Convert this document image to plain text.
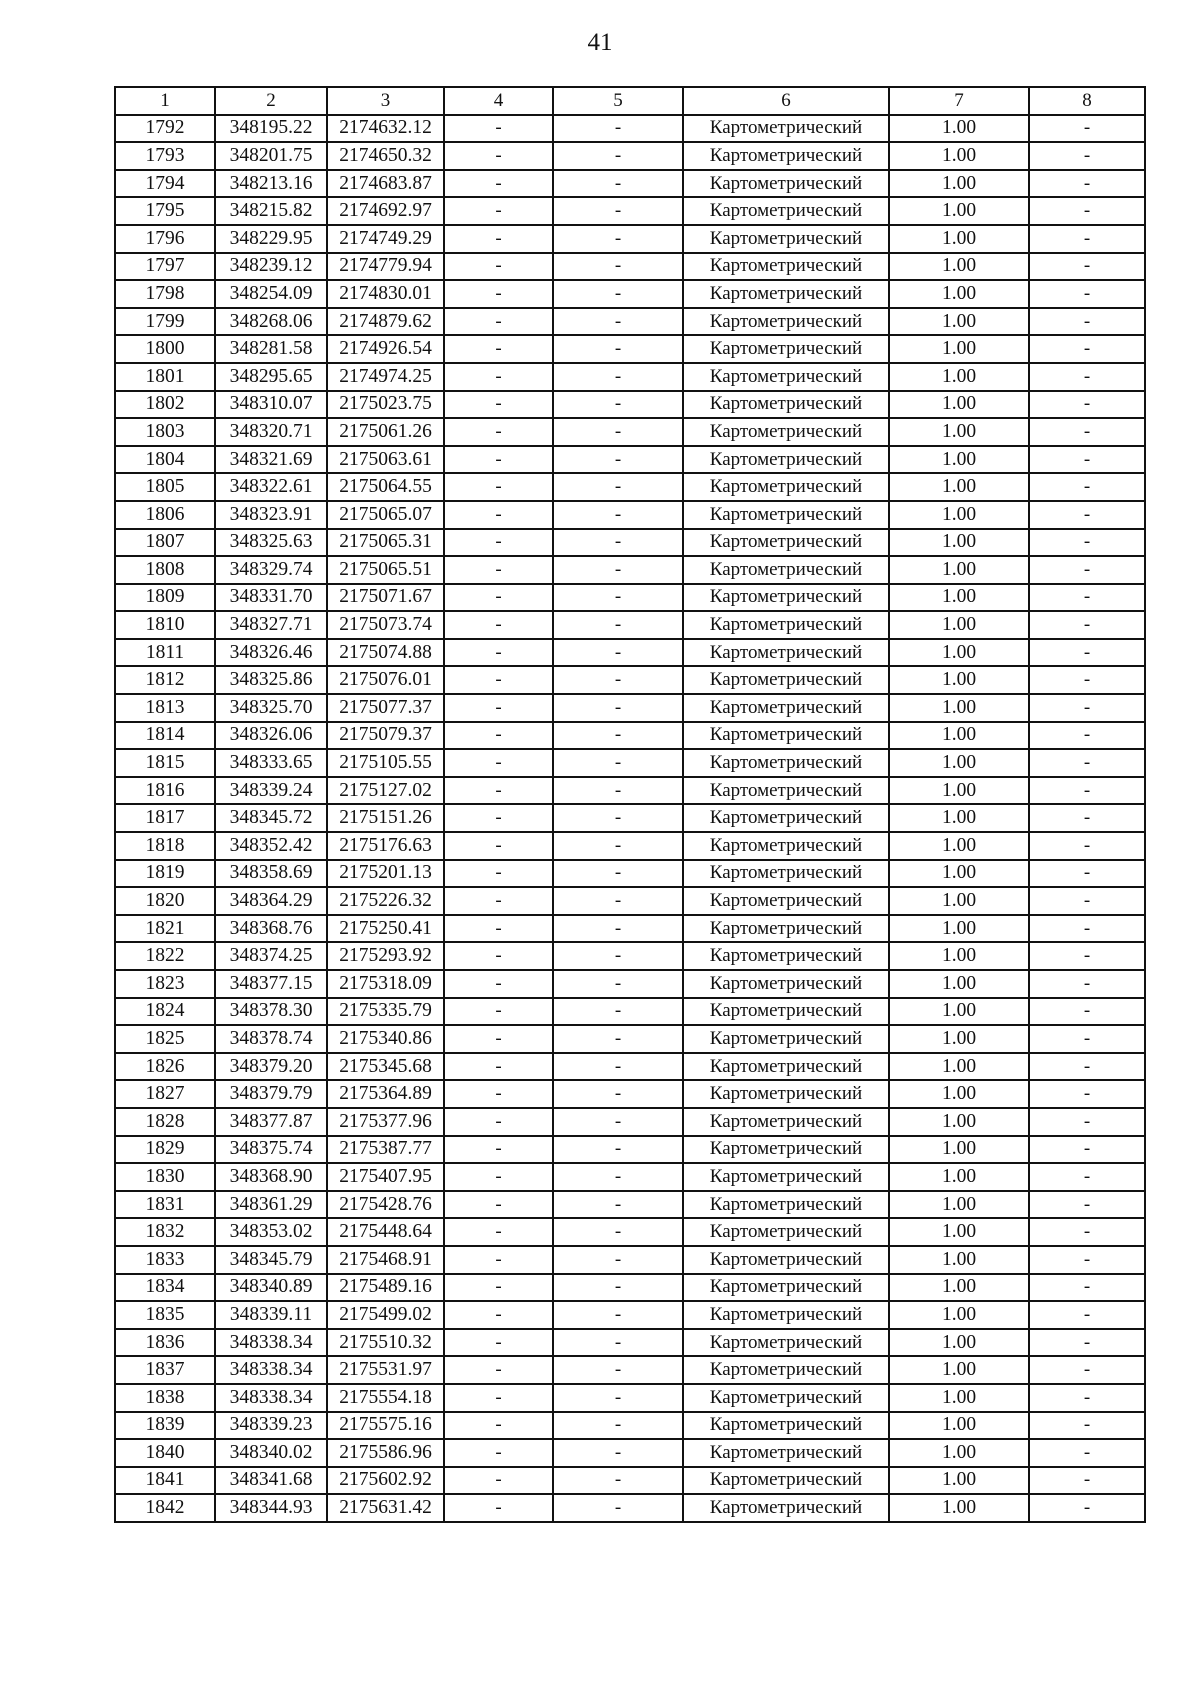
41
1	2	3	4	5	6	7	8
1792	348195.22	2174632.12	-	-	Картометрический	1.00	-
1793	348201.75	2174650.32	-	-	Картометрический	1.00	-
1794	348213.16	2174683.87	-	-	Картометрический	1.00	-
1795	348215.82	2174692.97	-	-	Картометрический	1.00	-
1796	348229.95	2174749.29	-	-	Картометрический	1.00	-
1797	348239.12	2174779.94	-	-	Картометрический	1.00	-
1798	348254.09	2174830.01	-	-	Картометрический	1.00	-
1799	348268.06	2174879.62	-	-	Картометрический	1.00	-
1800	348281.58	2174926.54	-	-	Картометрический	1.00	-
1801	348295.65	2174974.25	-	-	Картометрический	1.00	-
1802	348310.07	2175023.75	-	-	Картометрический	1.00	-
1803	348320.71	2175061.26	-	-	Картометрический	1.00	-
1804	348321.69	2175063.61	-	-	Картометрический	1.00	-
1805	348322.61	2175064.55	-	-	Картометрический	1.00	-
1806	348323.91	2175065.07	-	-	Картометрический	1.00	-
1807	348325.63	2175065.31	-	-	Картометрический	1.00	-
1808	348329.74	2175065.51	-	-	Картометрический	1.00	-
1809	348331.70	2175071.67	-	-	Картометрический	1.00	-
1810	348327.71	2175073.74	-	-	Картометрический	1.00	-
1811	348326.46	2175074.88	-	-	Картометрический	1.00	-
1812	348325.86	2175076.01	-	-	Картометрический	1.00	-
1813	348325.70	2175077.37	-	-	Картометрический	1.00	-
1814	348326.06	2175079.37	-	-	Картометрический	1.00	-
1815	348333.65	2175105.55	-	-	Картометрический	1.00	-
1816	348339.24	2175127.02	-	-	Картометрический	1.00	-
1817	348345.72	2175151.26	-	-	Картометрический	1.00	-
1818	348352.42	2175176.63	-	-	Картометрический	1.00	-
1819	348358.69	2175201.13	-	-	Картометрический	1.00	-
1820	348364.29	2175226.32	-	-	Картометрический	1.00	-
1821	348368.76	2175250.41	-	-	Картометрический	1.00	-
1822	348374.25	2175293.92	-	-	Картометрический	1.00	-
1823	348377.15	2175318.09	-	-	Картометрический	1.00	-
1824	348378.30	2175335.79	-	-	Картометрический	1.00	-
1825	348378.74	2175340.86	-	-	Картометрический	1.00	-
1826	348379.20	2175345.68	-	-	Картометрический	1.00	-
1827	348379.79	2175364.89	-	-	Картометрический	1.00	-
1828	348377.87	2175377.96	-	-	Картометрический	1.00	-
1829	348375.74	2175387.77	-	-	Картометрический	1.00	-
1830	348368.90	2175407.95	-	-	Картометрический	1.00	-
1831	348361.29	2175428.76	-	-	Картометрический	1.00	-
1832	348353.02	2175448.64	-	-	Картометрический	1.00	-
1833	348345.79	2175468.91	-	-	Картометрический	1.00	-
1834	348340.89	2175489.16	-	-	Картометрический	1.00	-
1835	348339.11	2175499.02	-	-	Картометрический	1.00	-
1836	348338.34	2175510.32	-	-	Картометрический	1.00	-
1837	348338.34	2175531.97	-	-	Картометрический	1.00	-
1838	348338.34	2175554.18	-	-	Картометрический	1.00	-
1839	348339.23	2175575.16	-	-	Картометрический	1.00	-
1840	348340.02	2175586.96	-	-	Картометрический	1.00	-
1841	348341.68	2175602.92	-	-	Картометрический	1.00	-
1842	348344.93	2175631.42	-	-	Картометрический	1.00	-
